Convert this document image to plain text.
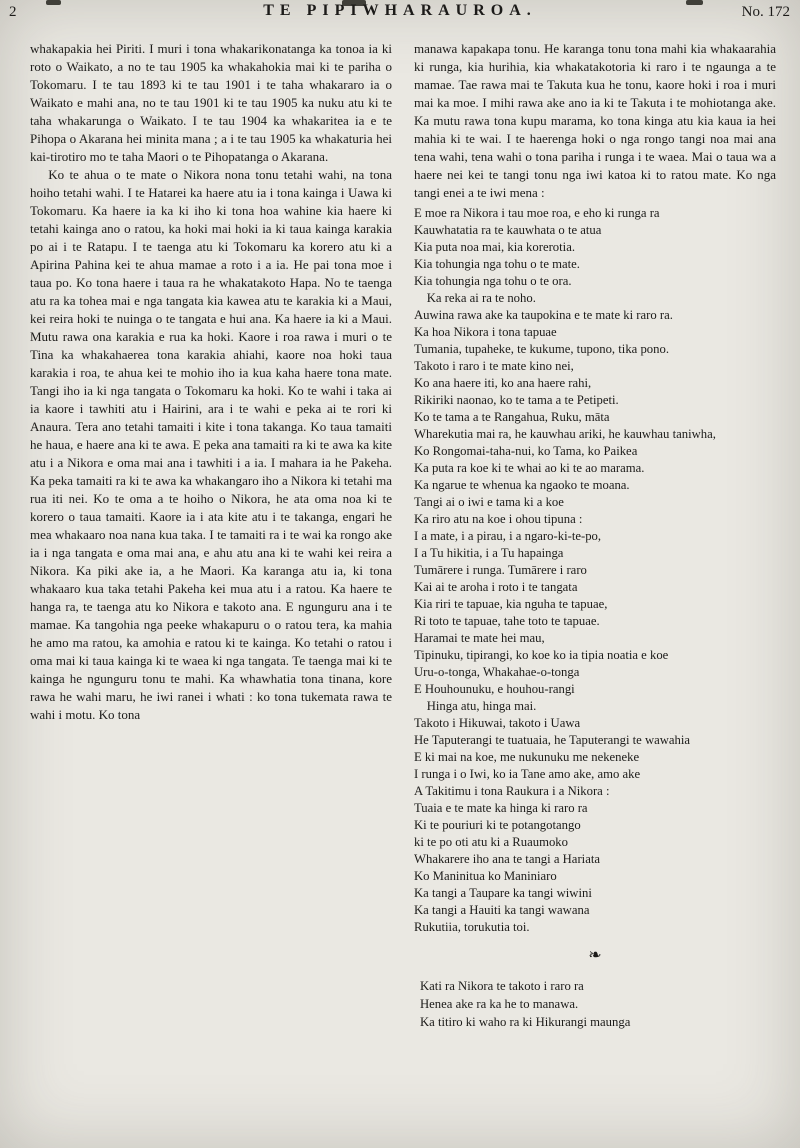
2	TE PIPIWHARAUROA.	No. 172

whakapakia hei Piriti. I muri i tona whakarikonatanga ka tonoa ia ki roto o Waikato, a no te tau 1905 ka whakahokia mai ki te pariha o Tokomaru. I te tau 1893 ki te tau 1901 i te taha whakararo ia o Waikato e mahi ana, no te tau 1901 ki te tau 1905 ka nuku atu ki te taha whakarunga o Waikato. I te tau 1904 ka whakaritea ia e te Pihopa o Akarana hei minita mana ; a i te tau 1905 ka whakaturia hei kai-tirotiro mo te taha Maori o te Pihopatanga o Akarana.

Ko te ahua o te mate o Nikora nona tonu tetahi wahi, na tona hoiho tetahi wahi. I te Hatarei ka haere atu ia i tona kainga i Uawa ki Tokomaru. Ka haere ia ka ki iho ki tona hoa wahine kia haere ki tetahi kainga ano o ratou, ka hoki mai hoki ia ki taua kainga karakia po ai i te Ratapu. I te taenga atu ki Tokomaru ka korero atu ki a Apirina Pahina kei te ahua mamae a roto i a ia. He pai tona moe i taua po. Ko tona haere i taua ra he whakatakoto Hapa. No te taenga atu ra ka tohea mai e nga tangata kia kawea atu te karakia ki a Maui, kei reira hoki te nuinga o te tangata e hui ana. Ka haere ia ki a Maui. Mutu rawa ona karakia e rua ka hoki. Kaore i roa rawa i muri o te Tina ka whakahaerea tona karakia ahiahi, kaore noa hoki taua karakia i roa, te ahua kei te mohio iho ia kua kaha haere tona mate. Tangi iho ia ki nga tangata o Tokomaru ka hoki. Ko te wahi i taka ai ia kaore i tawhiti atu i Hairini, ara i te wahi e peka ai te rori ki Anaura. Tera ano tetahi tamaiti i kite i tona takanga. Ko taua tamaiti he haua, e haere ana ki te awa. E peka ana tamaiti ra ki te awa ka kite atu i a Nikora e oma mai ana i tawhiti i a ia. I mahara ia he Pakeha. Ka peka tamaiti ra ki te awa ka whakangaro iho a Nikora ki tetahi ma rua iti nei. Ko te oma a te hoiho o Nikora, he ata oma noa ki te korero o taua tamaiti. Kaore ia i ata kite atu i te takanga, engari he mea whakaaro noa nana kua taka. I te tamaiti ra i te wai ka rongo ake ia i nga tangata e oma mai ana, e ahu atu ana ki te wahi kei reira a Nikora. Ka piki ake ia, a he Maori. Ka karanga atu ia, ki tona whakaaro kua taka tetahi Pakeha kei mua atu i a ratou. Ka haere te hanga ra, te taenga atu ko Nikora e takoto ana. E ngunguru ana i te mamae. Ka tangohia nga peeke whakapuru o o ratou tera, ka mahia he amo ma ratou, ka amohia e ratou ki te kainga. Ko tetahi o ratou i oma mai ki taua kainga ki te waea ki nga tangata. Te taenga mai ki te kainga he ngunguru tonu te mahi. Ka whawhatia tona tinana, kore rawa he wahi maru, he iwi ranei i whati : ko tona tukemata rawa te wahi i motu. Ko tona

manawa kapakapa tonu. He karanga tonu tona mahi kia whakaarahia ki runga, kia hurihia, kia whakatakotoria ki raro i te ngaunga a te mamae. Tae rawa mai te Takuta kua he tonu, kaore hoki i roa i muri mai ka moe. I mihi rawa ake ano ia ki te Takuta i te mohiotanga ake. Ka mutu rawa tona kupu marama, ko tona kinga atu kia kaua ia hei mahia ki te wai. I te haerenga hoki o nga rongo tangi noa mai ana tena wahi, tena wahi o tona pariha i runga i te waea. Mai o taua wa a haere nei kei te tangi tonu nga iwi katoa ki to ratou mate. Ko nga tangi enei a te iwi mena :

E moe ra Nikora i tau moe roa, e eho ki runga ra
Kauwhatatia ra te kauwhata o te atua
Kia puta noa mai, kia korerotia.
Kia tohungia nga tohu o te mate.
Kia tohungia nga tohu o te ora.
Ka reka ai ra te noho.
Auwina rawa ake ka taupokina e te mate ki raro ra.
Ka hoa Nikora i tona tapuae
Tumania, tupaheke, te kukume, tupono, tika pono.
Takoto i raro i te mate kino nei,
Ko ana haere iti, ko ana haere rahi,
Rikiriki naonao, ko te tama a te Petipeti.
Ko te tama a te Rangahua, Ruku, māta
Wharekutia mai ra, he kauwhau ariki, he kauwhau taniwha,
Ko Rongomai-taha-nui, ko Tama, ko Paikea
Ka puta ra koe ki te whai ao ki te ao marama.
Ka ngarue te whenua ka ngaoko te moana.
Tangi ai o iwi e tama ki a koe
Ka riro atu na koe i ohou tipuna :
I a mate, i a pirau, i a ngaro-ki-te-po,
I a Tu hikitia, i a Tu hapainga
Tumārere i runga. Tumārere i raro
Kai ai te aroha i roto i te tangata
Kia riri te tapuae, kia nguha te tapuae,
Ri toto te tapuae, tahe toto te tapuae.
Haramai te mate hei mau,
Tipinuku, tipirangi, ko koe ko ia tipia noatia e koe
Uru-o-tonga, Whakahae-o-tonga
E Houhounuku, e houhou-rangi
Hinga atu, hinga mai.
Takoto i Hikuwai, takoto i Uawa
He Taputerangi te tuatuaia, he Taputerangi te wawahia
E ki mai na koe, me nukunuku me nekeneke
I runga i o Iwi, ko ia Tane amo ake, amo ake
A Takitimu i tona Raukura i a Nikora :
Tuaia e te mate ka hinga ki raro ra
Ki te pouriuri ki te potangotango
ki te po oti atu ki a Ruaumoko
Whakarere iho ana te tangi a Hariata
Ko Maninitua ko Maniniaro
Ka tangi a Taupare ka tangi wiwini
Ka tangi a Hauiti ka tangi wawana
Rukutiia, torukutia toi.
❧
Kati ra Nikora te takoto i raro ra
Henea ake ra ka he to manawa.
Ka titiro ki waho ra ki Hikurangi maunga
